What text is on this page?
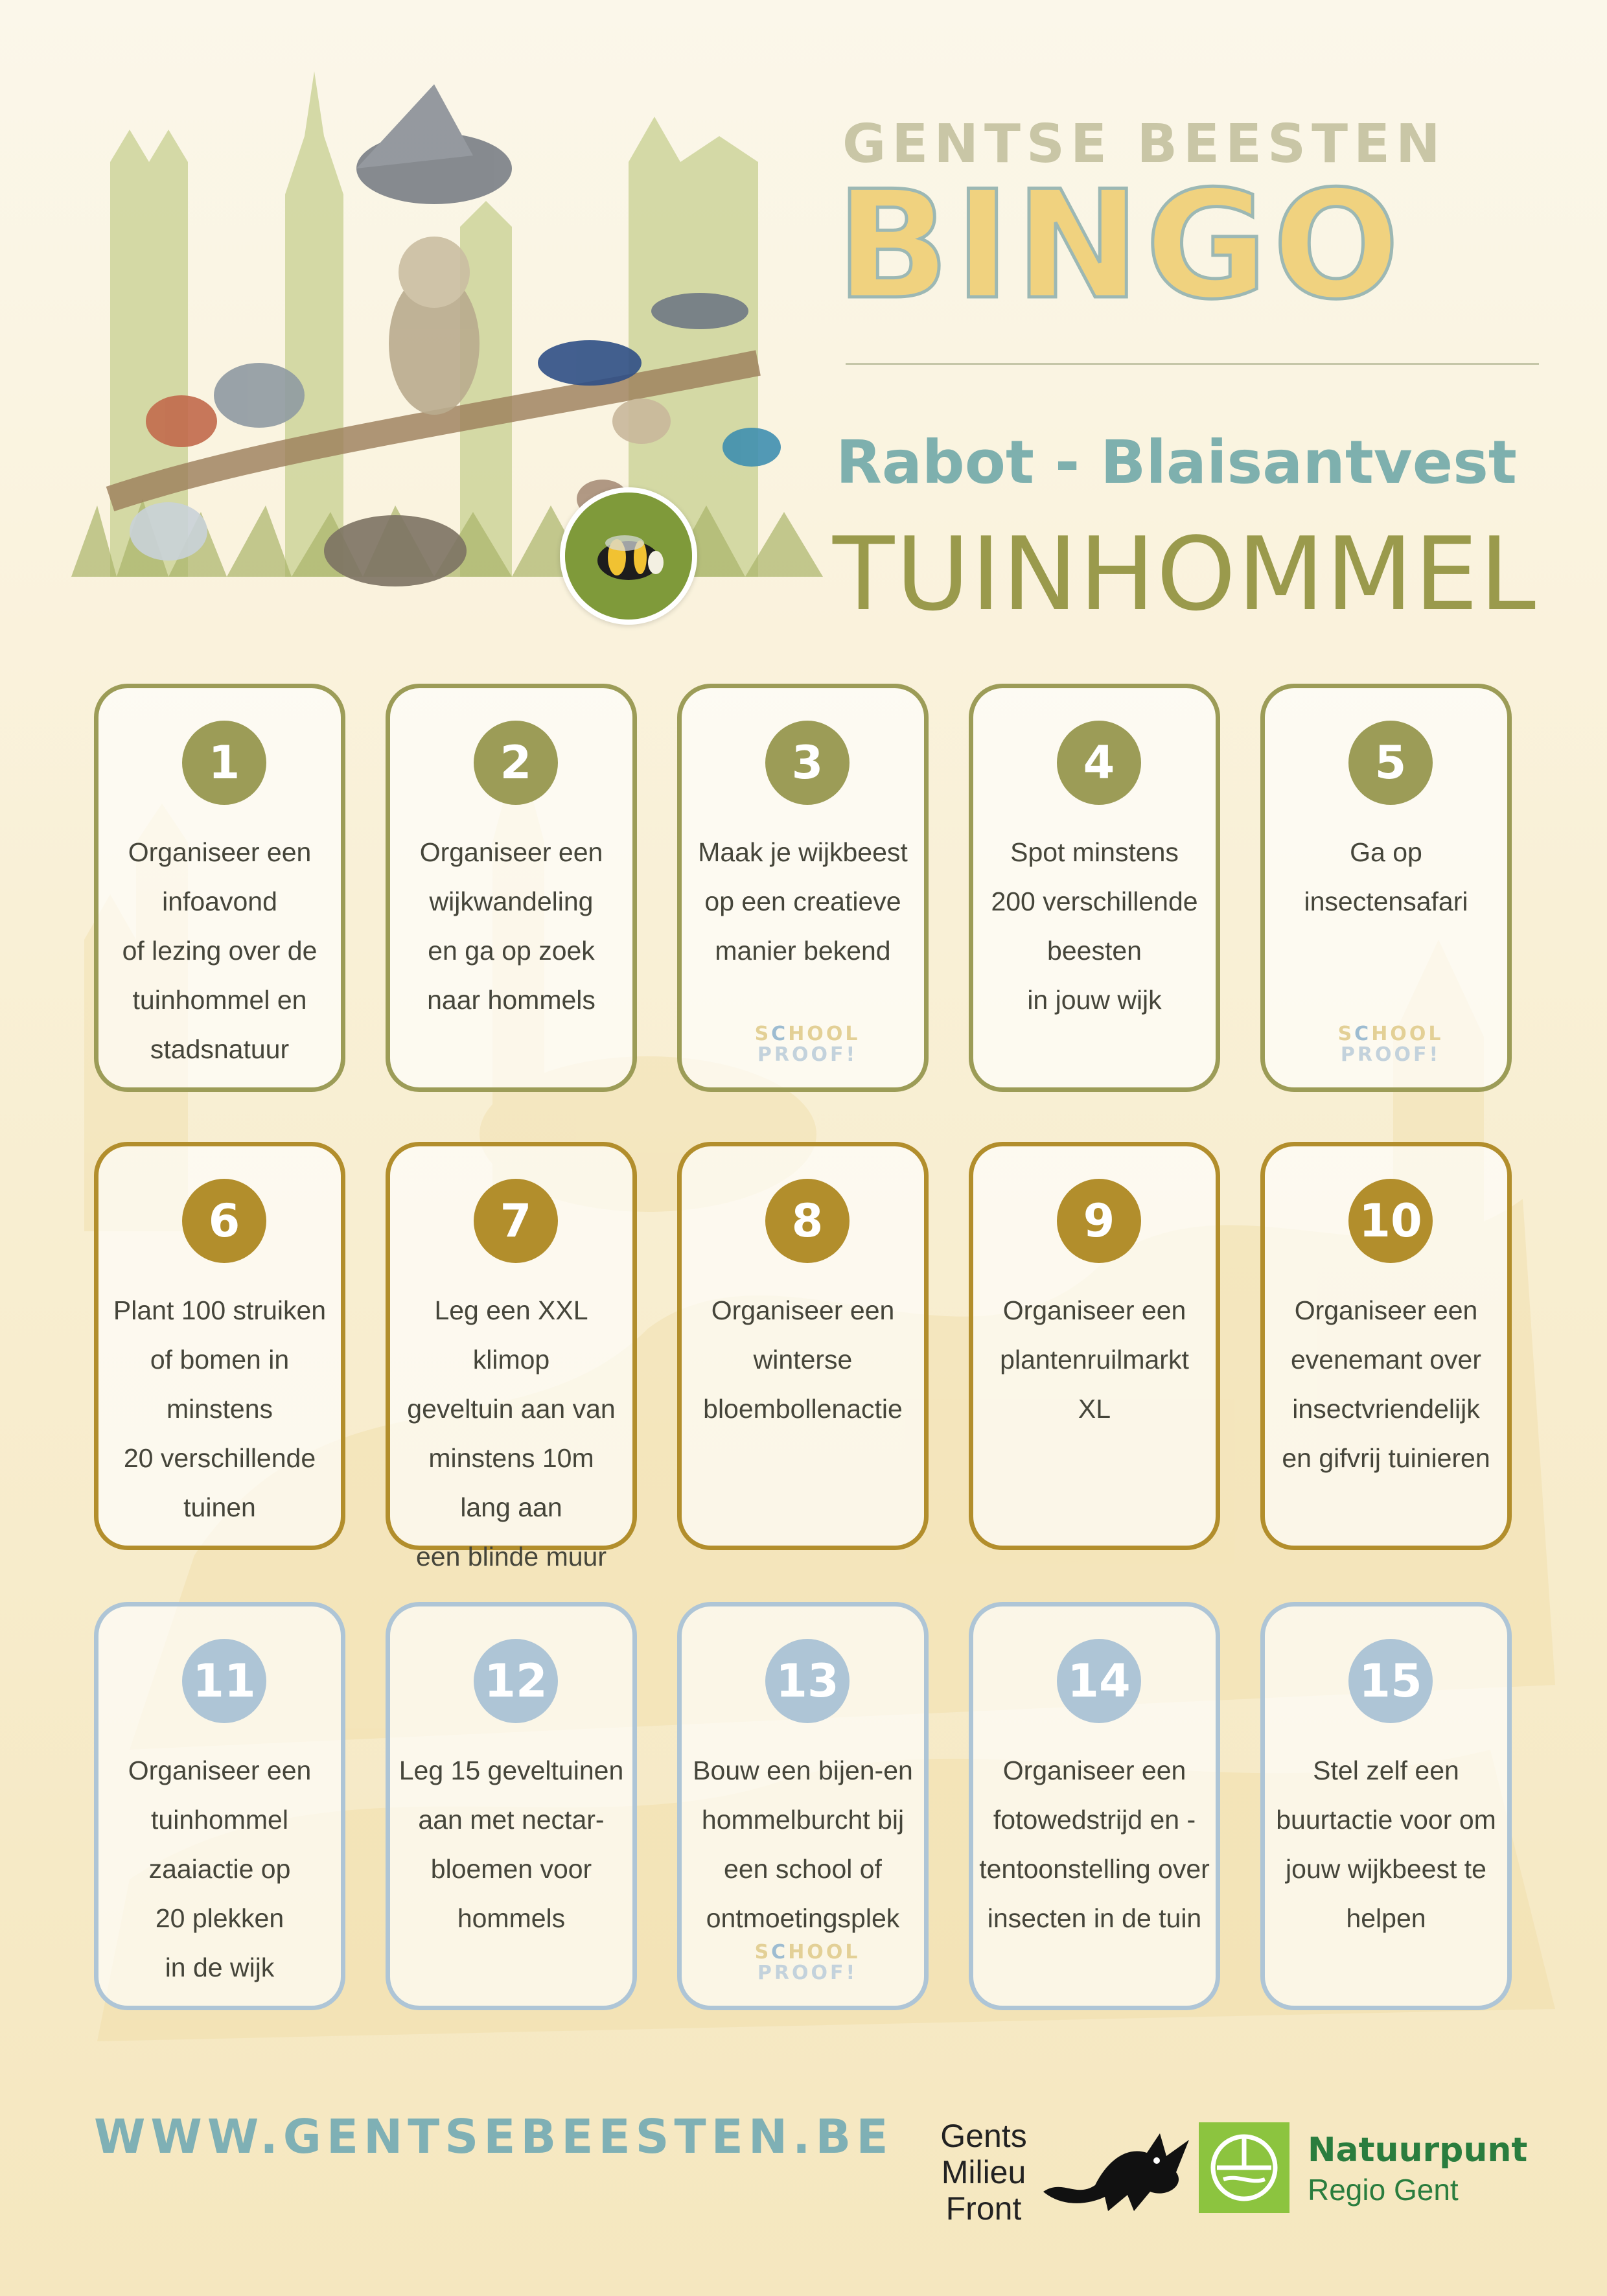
GENTSE BEESTEN
BINGO
Rabot - Blaisantvest
TUINHOMMEL
1
Organiseer een
infoavond
of lezing over de
tuinhommel en
stadsnatuur
2
Organiseer een
wijkwandeling
en ga op zoek
naar hommels
3
Maak je wijkbeest
op een creatieve
manier bekend
SCHOOL
PROOF!
4
Spot minstens
200 verschillende
beesten
in jouw wijk
5
Ga op
insectensafari
SCHOOL
PROOF!
6
Plant 100 struiken
of bomen in
minstens
20 verschillende
tuinen
7
Leg een XXL klimop
geveltuin aan van
minstens 10m
lang aan
een blinde muur
8
Organiseer een
winterse
bloembollenactie
9
Organiseer een
plantenruilmarkt
XL
10
Organiseer een
evenemant over
insectvriendelijk
en gifvrij tuinieren
11
Organiseer een
tuinhommel
zaaiactie op
20 plekken
in de wijk
12
Leg 15 geveltuinen
aan met nectar-
bloemen voor
hommels
13
Bouw een bijen-en
hommelburcht bij
een school of
ontmoetingsplek
SCHOOL
PROOF!
14
Organiseer een
fotowedstrijd en -
tentoonstelling over
insecten in de tuin
15
Stel zelf een
buurtactie voor om
jouw wijkbeest te
helpen
WWW.GENTSEBEESTEN.BE Gents
Milieu
Front
Natuurpunt
Regio Gent
